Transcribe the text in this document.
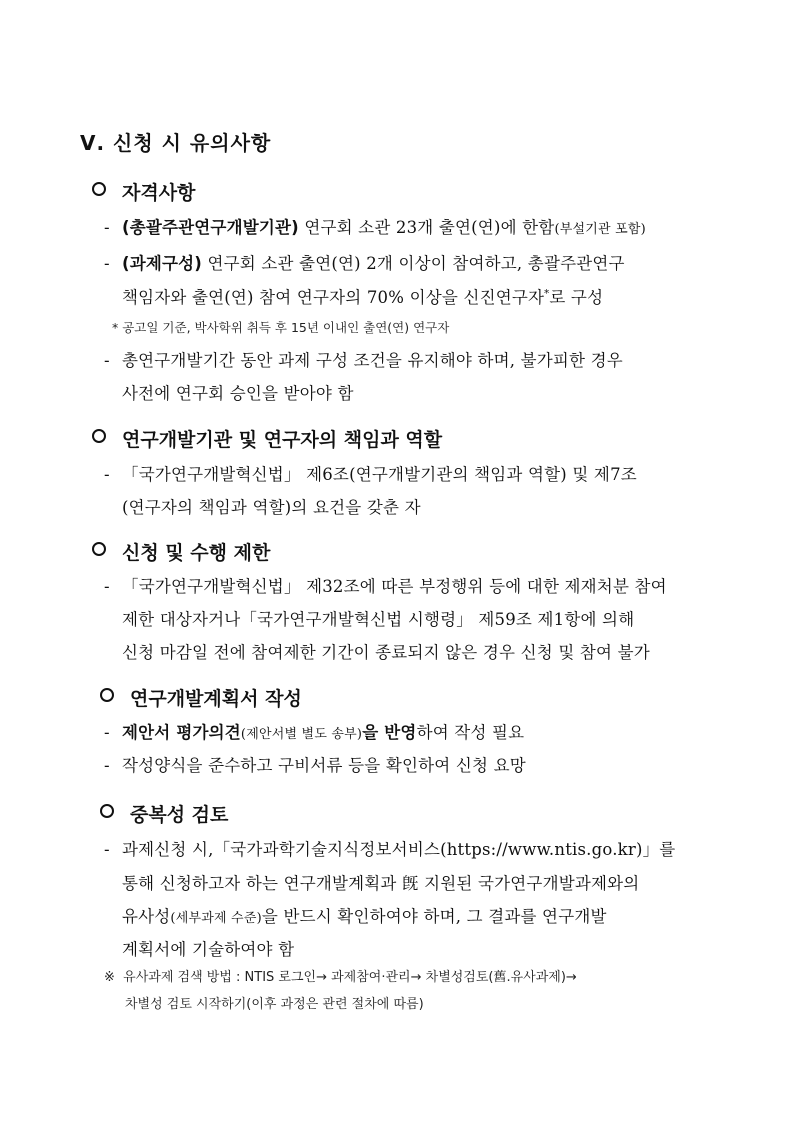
Ⅴ. 신청 시 유의사항
자격사항
- (총괄주관연구개발기관) 연구회 소관 23개 출연(연)에 한함(부설기관 포함)
- (과제구성) 연구회 소관 출연(연) 2개 이상이 참여하고, 총괄주관연구
책임자와 출연(연) 참여 연구자의 70% 이상을 신진연구자*로 구성
* 공고일 기준, 박사학위 취득 후 15년 이내인 출연(연) 연구자
- 총연구개발기간 동안 과제 구성 조건을 유지해야 하며, 불가피한 경우
사전에 연구회 승인을 받아야 함
연구개발기관 및 연구자의 책임과 역할
- 「국가연구개발혁신법」 제6조(연구개발기관의 책임과 역할) 및 제7조
(연구자의 책임과 역할)의 요건을 갖춘 자
신청 및 수행 제한
- 「국가연구개발혁신법」 제32조에 따른 부정행위 등에 대한 제재처분 참여
제한 대상자거나「국가연구개발혁신법 시행령」 제59조 제1항에 의해
신청 마감일 전에 참여제한 기간이 종료되지 않은 경우 신청 및 참여 불가
연구개발계획서 작성
- 제안서 평가의견(제안서별 별도 송부)을 반영하여 작성 필요
- 작성양식을 준수하고 구비서류 등을 확인하여 신청 요망
중복성 검토
- 과제신청 시,「국가과학기술지식정보서비스(https://www.ntis.go.kr)」를
통해 신청하고자 하는 연구개발계획과 旣 지원된 국가연구개발과제와의
유사성(세부과제 수준)을 반드시 확인하여야 하며, 그 결과를 연구개발
계획서에 기술하여야 함
※ 유사과제 검색 방법 : NTIS 로그인→ 과제참여·관리→ 차별성검토(舊.유사과제)→
차별성 검토 시작하기(이후 과정은 관련 절차에 따름)
